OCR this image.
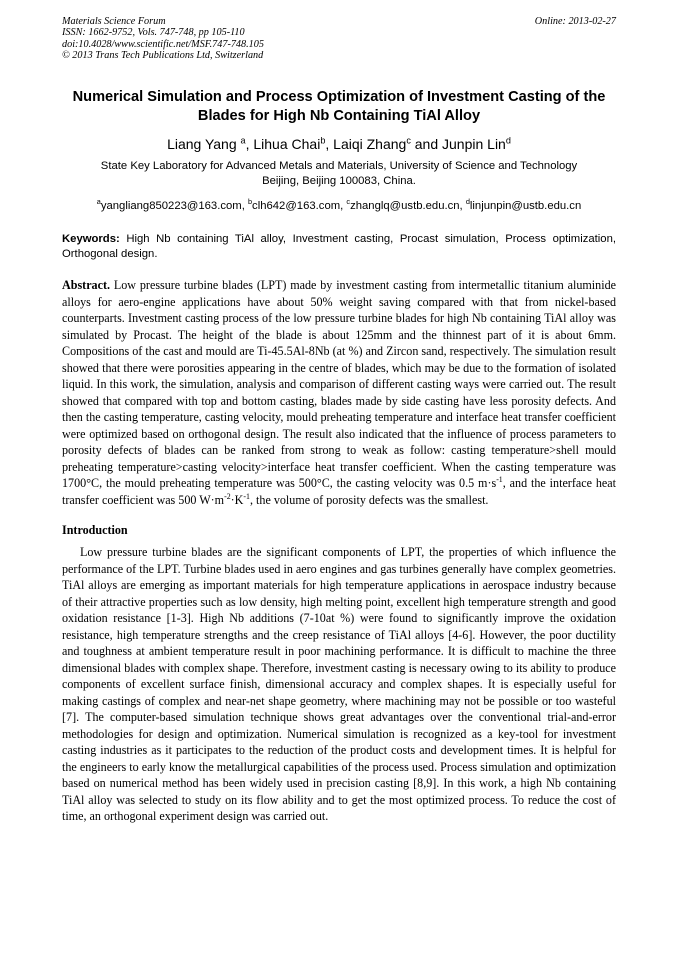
Materials Science Forum
ISSN: 1662-9752, Vols. 747-748, pp 105-110
doi:10.4028/www.scientific.net/MSF.747-748.105
© 2013 Trans Tech Publications Ltd, Switzerland
Online: 2013-02-27
Numerical Simulation and Process Optimization of Investment Casting of the Blades for High Nb Containing TiAl Alloy
Liang Yang $^a$, Lihua Chai$^b$, Laiqi Zhang$^c$ and Junpin Lin$^d$
State Key Laboratory for Advanced Metals and Materials, University of Science and Technology
Beijing, Beijing 100083, China.
$^a$yangliang850223@163.com, $^b$clh642@163.com, $^c$zhanglq@ustb.edu.cn, $^d$linjunpin@ustb.edu.cn
Keywords: High Nb containing TiAl alloy, Investment casting, Procast simulation, Process optimization, Orthogonal design.
Abstract. Low pressure turbine blades (LPT) made by investment casting from intermetallic titanium aluminide alloys for aero-engine applications have about 50% weight saving compared with that from nickel-based counterparts. Investment casting process of the low pressure turbine blades for high Nb containing TiAl alloy was simulated by Procast. The height of the blade is about 125mm and the thinnest part of it is about 6mm. Compositions of the cast and mould are Ti-45.5Al-8Nb (at %) and Zircon sand, respectively. The simulation result showed that there were porosities appearing in the centre of blades, which may be due to the formation of isolated liquid. In this work, the simulation, analysis and comparison of different casting ways were carried out. The result showed that compared with top and bottom casting, blades made by side casting have less porosity defects. And then the casting temperature, casting velocity, mould preheating temperature and interface heat transfer coefficient were optimized based on orthogonal design. The result also indicated that the influence of process parameters to porosity defects of blades can be ranked from strong to weak as follow: casting temperature>shell mould preheating temperature>casting velocity>interface heat transfer coefficient. When the casting temperature was 1700°C, the mould preheating temperature was 500°C, the casting velocity was 0.5 $m\cdot s^{-1}$, and the interface heat transfer coefficient was 500 $W\cdot m^{-2}\cdot K^{-1}$, the volume of porosity defects was the smallest.
Introduction
Low pressure turbine blades are the significant components of LPT, the properties of which influence the performance of the LPT. Turbine blades used in aero engines and gas turbines generally have complex geometries. TiAl alloys are emerging as important materials for high temperature applications in aerospace industry because of their attractive properties such as low density, high melting point, excellent high temperature strength and good oxidation resistance [1-3]. High Nb additions (7-10at %) were found to significantly improve the oxidation resistance, high temperature strengths and the creep resistance of TiAl alloys [4-6]. However, the poor ductility and toughness at ambient temperature result in poor machining performance. It is difficult to machine the three dimensional blades with complex shape. Therefore, investment casting is necessary owing to its ability to produce components of excellent surface finish, dimensional accuracy and complex shapes. It is especially useful for making castings of complex and near-net shape geometry, where machining may not be possible or too wasteful [7]. The computer-based simulation technique shows great advantages over the conventional trial-and-error methodologies for design and optimization. Numerical simulation is recognized as a key-tool for investment casting industries as it participates to the reduction of the product costs and development times. It is helpful for the engineers to early know the metallurgical capabilities of the process used. Process simulation and optimization based on numerical method has been widely used in precision casting [8,9]. In this work, a high Nb containing TiAl alloy was selected to study on its flow ability and to get the most optimized process. To reduce the cost of time, an orthogonal experiment design was carried out.
